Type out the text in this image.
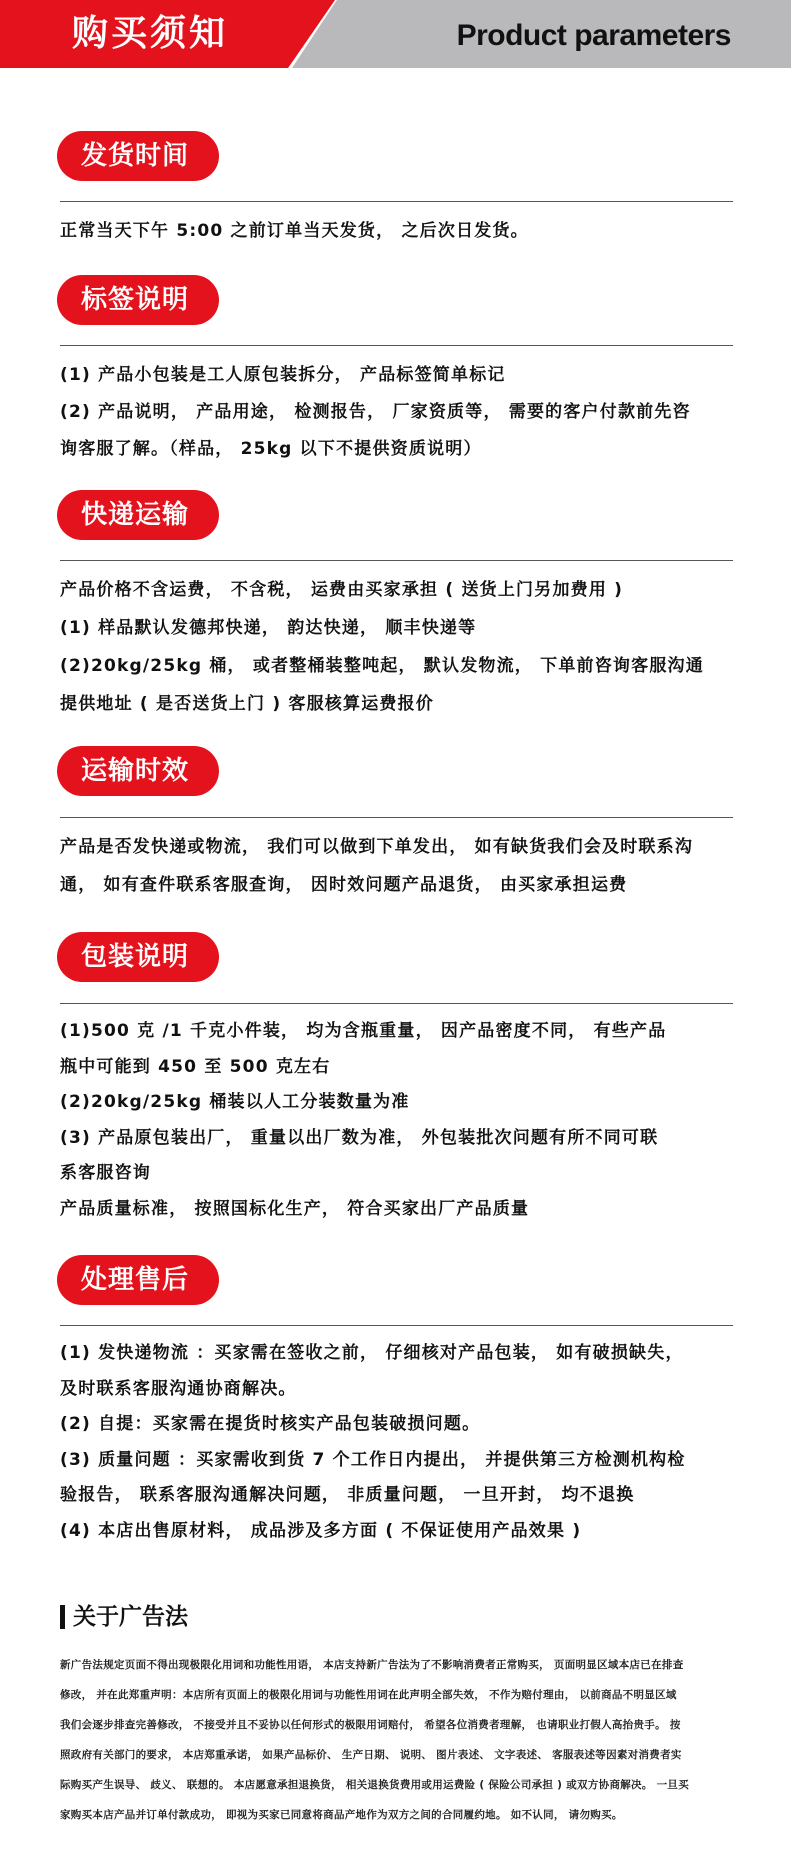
购买须知	Product parameters
发货时间
正常当天下午 5:00 之前订单当天发货， 之后次日发货。
标签说明
(1) 产品小包装是工人原包装拆分， 产品标签简单标记
(2) 产品说明， 产品用途， 检测报告， 厂家资质等， 需要的客户付款前先咨
询客服了解。（样品， 25kg 以下不提供资质说明）
快递运输
产品价格不含运费， 不含税， 运费由买家承担 ( 送货上门另加费用 )
(1) 样品默认发德邦快递， 韵达快递， 顺丰快递等
(2)20kg/25kg 桶， 或者整桶装整吨起， 默认发物流， 下单前咨询客服沟通
提供地址 ( 是否送货上门 ) 客服核算运费报价
运输时效
产品是否发快递或物流， 我们可以做到下单发出， 如有缺货我们会及时联系沟
通， 如有查件联系客服查询， 因时效问题产品退货， 由买家承担运费
包装说明
(1)500 克 /1 千克小件装， 均为含瓶重量， 因产品密度不同， 有些产品
瓶中可能到 450 至 500 克左右
(2)20kg/25kg 桶装以人工分装数量为准
(3) 产品原包装出厂， 重量以出厂数为准， 外包装批次问题有所不同可联
系客服咨询
产品质量标准， 按照国标化生产， 符合买家出厂产品质量
处理售后
(1) 发快递物流 ：买家需在签收之前， 仔细核对产品包装， 如有破损缺失，
及时联系客服沟通协商解决。
(2) 自提：买家需在提货时核实产品包装破损问题。
(3) 质量问题 ：买家需收到货 7 个工作日内提出， 并提供第三方检测机构检
验报告， 联系客服沟通解决问题， 非质量问题， 一旦开封， 均不退换
(4) 本店出售原材料， 成品涉及多方面 ( 不保证使用产品效果 )
关于广告法
新广告法规定页面不得出现极限化用词和功能性用语， 本店支持新广告法为了不影响消费者正常购买， 页面明显区域本店已在排查
修改， 并在此郑重声明：本店所有页面上的极限化用词与功能性用词在此声明全部失效， 不作为赔付理由， 以前商品不明显区域
我们会逐步排查完善修改， 不接受并且不妥协以任何形式的极限用词赔付， 希望各位消费者理解， 也请职业打假人高抬贵手。 按
照政府有关部门的要求， 本店郑重承诺， 如果产品标价、 生产日期、 说明、 图片表述、 文字表述、 客服表述等因素对消费者实
际购买产生误导、 歧义、 联想的。 本店愿意承担退换货， 相关退换货费用或用运费险 ( 保险公司承担 ) 或双方协商解决。 一旦买
家购买本店产品并订单付款成功， 即视为买家已同意将商品产地作为双方之间的合同履约地。 如不认同， 请勿购买。
